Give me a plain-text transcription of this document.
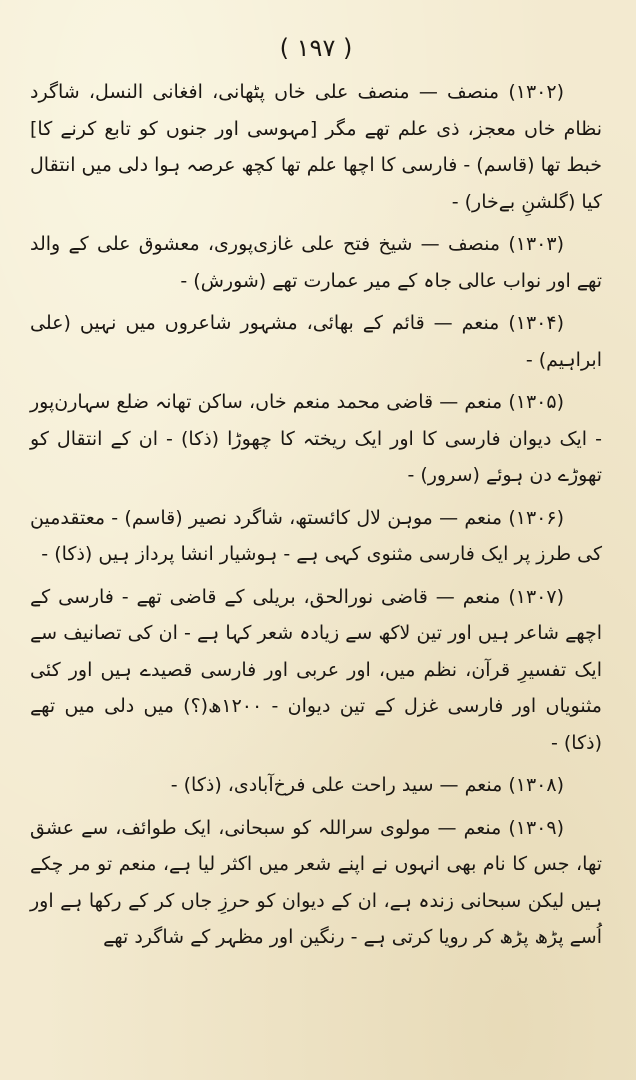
( ۱۹۷ )

(۱۳۰۲) منصف — منصف علی خاں پٹھانی، افغانی النسل، شاگرد نظام خاں معجز، ذی علم تھے مگر [مہوسی اور جنوں کو تابع کرنے کا] خبط تھا (قاسم) - فارسی کا اچھا علم تھا کچھ عرصہ ہوا دلی میں انتقال کیا (گلشنِ بےخار) -

(۱۳۰۳) منصف — شیخ فتح علی غازی‌پوری، معشوق علی کے والد تھے اور نواب عالی جاہ کے میر عمارت تھے (شورش) -

(۱۳۰۴) منعم — قائم کے بھائی، مشہور شاعروں میں نہیں (علی ابراہیم) -

(۱۳۰۵) منعم — قاضی محمد منعم خاں، ساکن تھانہ ضلع سہارن‌پور - ایک دیوان فارسی کا اور ایک ریختہ کا چھوڑا (ذکا) - ان کے انتقال کو تھوڑے دن ہوئے (سرور) -

(۱۳۰۶) منعم — موہن لال کائستھ، شاگرد نصیر (قاسم) - معتقدمین کی طرز پر ایک فارسی مثنوی کہی ہے - ہوشیار انشا پرداز ہیں (ذکا) -

(۱۳۰۷) منعم — قاضی نورالحق، بریلی کے قاضی تھے - فارسی کے اچھے شاعر ہیں اور تین لاکھ سے زیادہ شعر کہا ہے - ان کی تصانیف سے ایک تفسیرِ قرآن، نظم میں، اور عربی اور فارسی قصیدے ہیں اور کئی مثنویاں اور فارسی غزل کے تین دیوان - ۱۲۰۰ھ(؟) میں دلی میں تھے (ذکا) -

(۱۳۰۸) منعم — سید راحت علی فرخ‌آبادی، (ذکا) -

(۱۳۰۹) منعم — مولوی سراللہ کو سبحانی، ایک طوائف، سے عشق تھا، جس کا نام بھی انہوں نے اپنے شعر میں اکثر لیا ہے، منعم تو مر چکے ہیں لیکن سبحانی زندہ ہے، ان کے دیوان کو حرزِ جاں کر کے رکھا ہے اور اُسے پڑھ پڑھ کر رویا کرتی ہے - رنگین اور مظہر کے شاگرد تھے
